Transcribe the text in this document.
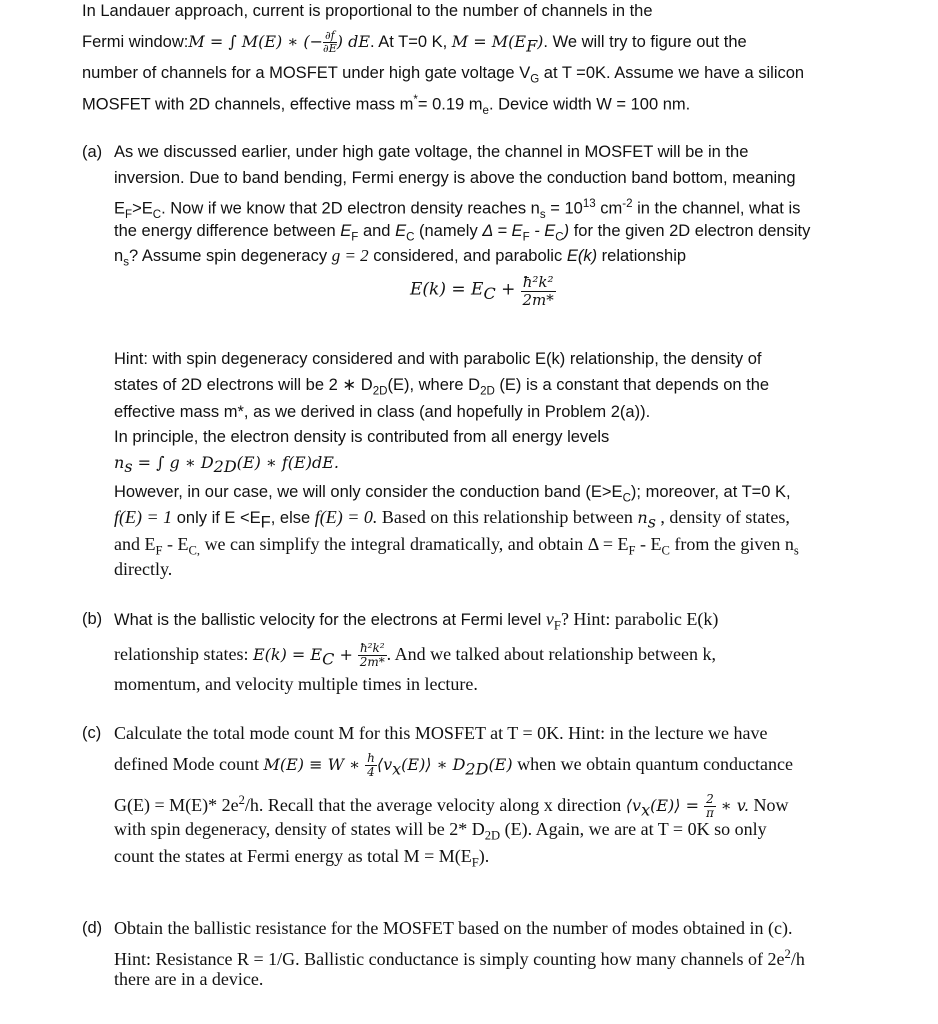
In Landauer approach, current is proportional to the number of channels in the
Fermi window:M = ∫ M(E) ∗ (− $\frac{\partial f}{\partial E}$ ) dE. At T=0 K, $M = M(E_F)$. We will try to figure out the
number of channels for a MOSFET under high gate voltage $V_G$ at T =0K. Assume we have a silicon
MOSFET with 2D channels, effective mass m*= 0.19 $m_e$. Device width W = 100 nm.
(a) As we discussed earlier, under high gate voltage, the channel in MOSFET will be in the
inversion. Due to band bending, Fermi energy is above the conduction band bottom, meaning
$E_F>E_C$. Now if we know that 2D electron density reaches $n_s = 10^{13}$ $cm^{-2}$ in the channel, what is
the energy difference between $E_F$ and $E_C$ (namely $\Delta = E_F - E_C$) for the given 2D electron density
$n_s$? Assume spin degeneracy g = 2 considered, and parabolic E(k) relationship
$E(k) = E_C + \frac{\text{ħ²k²}}{2m*}$
Hint: with spin degeneracy considered and with parabolic E(k) relationship, the density of
states of 2D electrons will be 2 ∗ $D_{2D}(E)$, where $D_{2D}$ (E) is a constant that depends on the
effective mass m*, as we derived in class (and hopefully in Problem 2(a)).
In principle, the electron density is contributed from all energy levels
$n_s$ = ∫ g ∗ $D_{2D}(E)$ ∗ f(E)dE.
However, in our case, we will only consider the conduction band $(E>E_C)$; moreover, at T=0 K,
f(E) = 1 only if $E <E_F$, else f(E) = 0. Based on this relationship between $n_s$ , density of states,
and $E_F - E_{C,}$ we can simplify the integral dramatically, and obtain $\Delta = E_F - E_C$ from the given $n_s$
directly.
(b) What is the ballistic velocity for the electrons at Fermi level $v_F$? Hint: parabolic E(k)
relationship states: $E(k) = E_C + \frac{\text{ħ²k²}}{2m*}$ . And we talked about relationship between k,
momentum, and velocity multiple times in lecture.
(c) Calculate the total mode count M for this MOSFET at T = 0K. Hint: in the lecture we have
defined Mode count M(E) ≡ W ∗ $\frac{h}{4}$ $⟨v_x(E)⟩$ ∗ $D_{2D}(E)$ when we obtain quantum conductance
G(E) = M(E)* $2e^2/h$. Recall that the average velocity along x direction $⟨v_x(E)⟩ = \frac{2}{\pi}$ ∗ v. Now
with spin degeneracy, density of states will be 2* $D_{2D}$ (E). Again, we are at T = 0K so only
count the states at Fermi energy as total $M = M(E_F)$.
(d) Obtain the ballistic resistance for the MOSFET based on the number of modes obtained in (c).
Hint: Resistance R = 1/G. Ballistic conductance is simply counting how many channels of $2e^2/h$
there are in a device.
